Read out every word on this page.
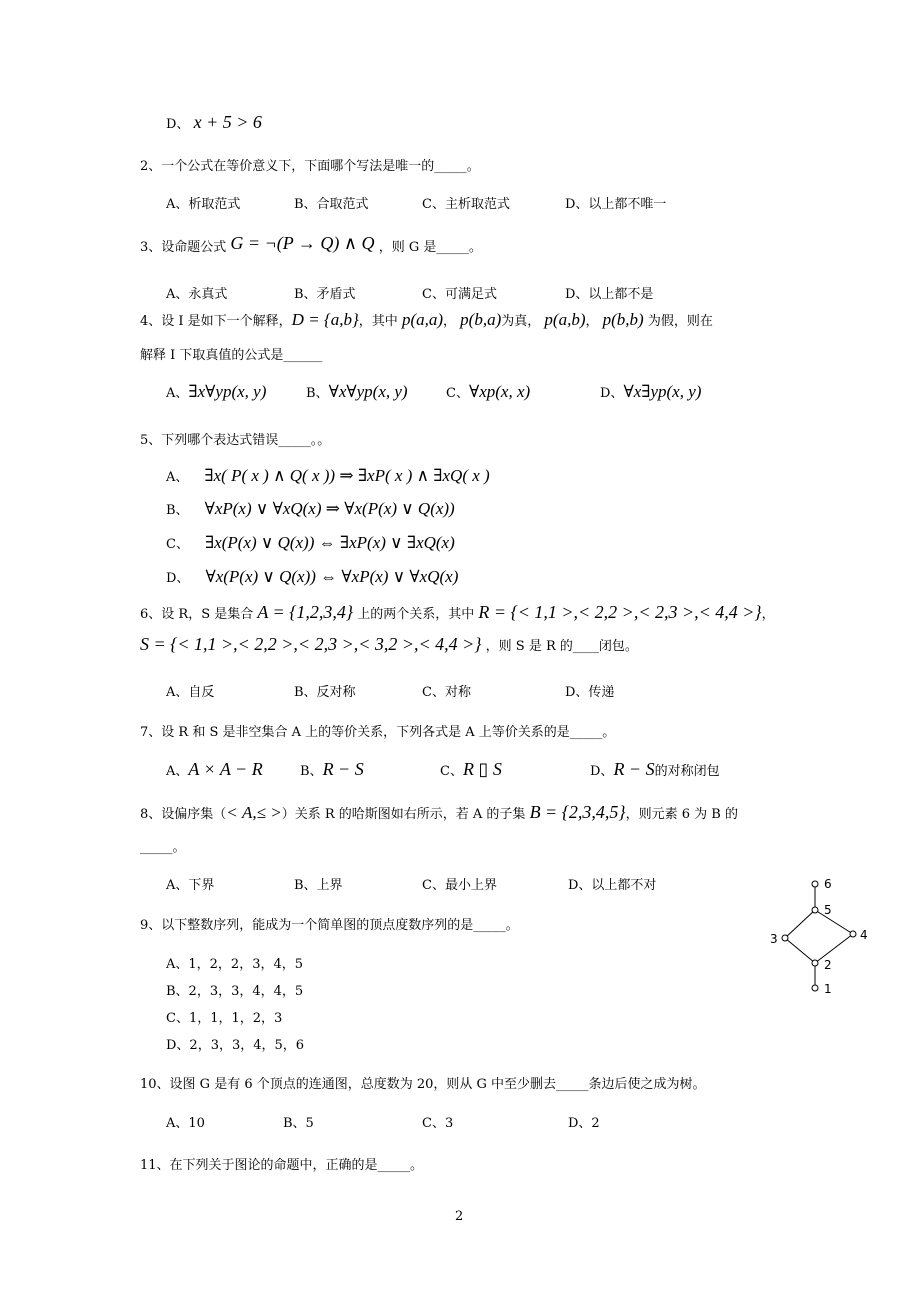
D、 x + 5 > 6
2、一个公式在等价意义下，下面哪个写法是唯一的_____。
A、析取范式	B、合取范式	C、主析取范式	D、以上都不唯一
3、设命题公式 G = ¬(P → Q) ∧ Q ，则 G 是_____。
A、永真式	B、矛盾式	C、可满足式	D、以上都不是
4、设 I 是如下一个解释，D = {a,b}，其中 p(a,a)， p(b,a)为真， p(a,b)， p(b,b) 为假，则在
解释 I 下取真值的公式是______
A、∃x∀yp(x, y)	B、∀x∀yp(x, y)	C、∀xp(x, x)	D、∀x∃yp(x, y)
5、下列哪个表达式错误_____。。
A、 ∃x( P( x ) ∧ Q( x )) ⇒ ∃xP( x ) ∧ ∃xQ( x )
B、 ∀xP(x) ∨ ∀xQ(x) ⇒ ∀x(P(x) ∨ Q(x))
C、 ∃x(P(x) ∨ Q(x)) ⇔ ∃xP(x) ∨ ∃xQ(x)
D、 ∀x(P(x) ∨ Q(x)) ⇔ ∀xP(x) ∨ ∀xQ(x)
6、设 R，S 是集合 A = {1,2,3,4} 上的两个关系，其中 R = {< 1,1 >,< 2,2 >,< 2,3 >,< 4,4 >}，
S = {< 1,1 >,< 2,2 >,< 2,3 >,< 3,2 >,< 4,4 >} ，则 S 是 R 的____闭包。
A、自反	B、反对称	C、对称	D、传递
7、设 R 和 S 是非空集合 A 上的等价关系，下列各式是 A 上等价关系的是_____。
A、A × A − R	B、R − S	C、R ▯ S	D、R − S的对称闭包
8、设偏序集（< A,≤ >）关系 R 的哈斯图如右所示，若 A 的子集 B = {2,3,4,5}，则元素 6 为 B 的
_____。
A、下界	B、上界	C、最小上界	D、以上都不对	6
5
3	4
2
1
9、以下整数序列，能成为一个简单图的顶点度数序列的是_____。
A、1，2，2，3，4，5
B、2，3，3，4，4，5
C、1，1，1，2，3
D、2，3，3，4，5，6
10、设图 G 是有 6 个顶点的连通图，总度数为 20，则从 G 中至少删去_____条边后使之成为树。
A、10	B、5	C、3	D、2
11、在下列关于图论的命题中，正确的是_____。
2
